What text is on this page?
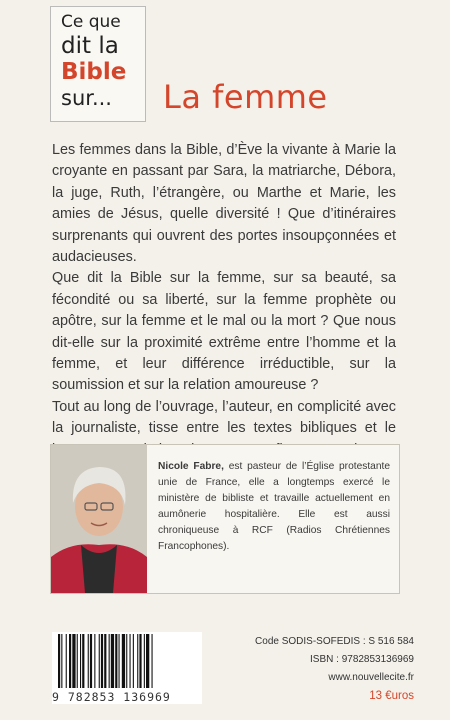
Ce que
dit la
Bible
sur...	La femme

Les femmes dans la Bible, d’Ève la vivante à Marie la croyante en passant par Sara, la matriarche, Débora, la juge, Ruth, l’étrangère, ou Marthe et Marie, les amies de Jésus, quelle diversité ! Que d’itinéraires surprenants qui ouvrent des portes insoupçonnées et audacieuses.

Que dit la Bible sur la femme, sur sa beauté, sa fécondité ou sa liberté, sur la femme prophète ou apôtre, sur la femme et le mal ou la mort ? Que nous dit-elle sur la proximité extrême entre l’homme et la femme, et leur différence irréductible, sur la soumission et sur la relation amoureuse ?

Tout au long de l’ouvrage, l’auteur, en complicité avec la journaliste, tisse entre les textes bibliques et le

Nicole Fabre, est pasteur de l’Église protestante unie de France, elle a longtemps exercé le ministère de bibliste et travaille actuellement en aumônerie hospitalière. Elle est aussi chroniqueuse à RCF (Radios Chrétiennes Francophones).
9 782853 136969
Code SODIS-SOFEDIS : S 516 584
ISBN : 9782853136969
www.nouvellecite.fr
13 €uros
